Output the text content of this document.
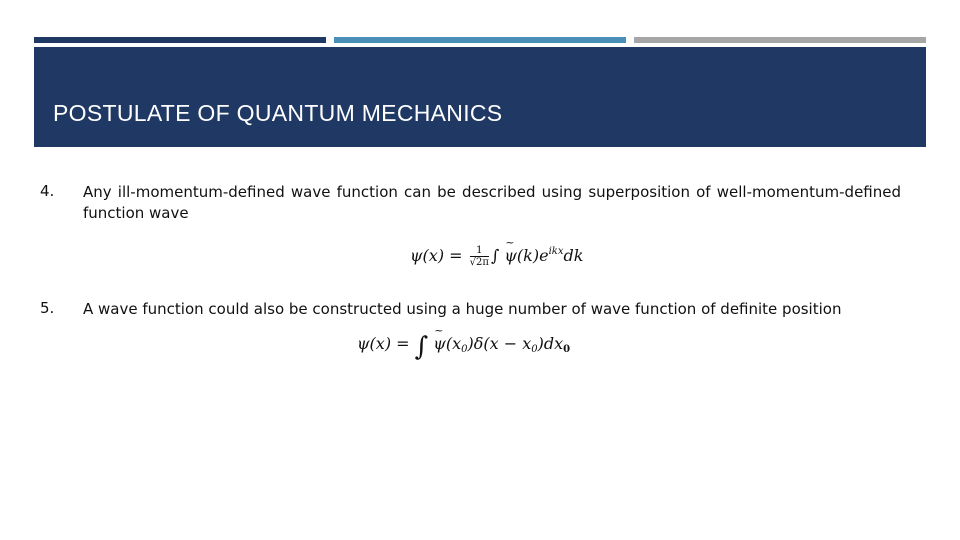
POSTULATE OF QUANTUM MECHANICS
4. Any ill-momentum-defined wave function can be described using superposition of well-momentum-defined function wave
$\psi(x) = \frac{1}{√2\pi}$ ∫ ~ $\psi(k)e^{ikx}dk$
5. A wave function could also be constructed using a huge number of wave function of definite position
ψ(x) = ∫ ~ $\psi(x_0)\delta(x - x_0)dx_0$
